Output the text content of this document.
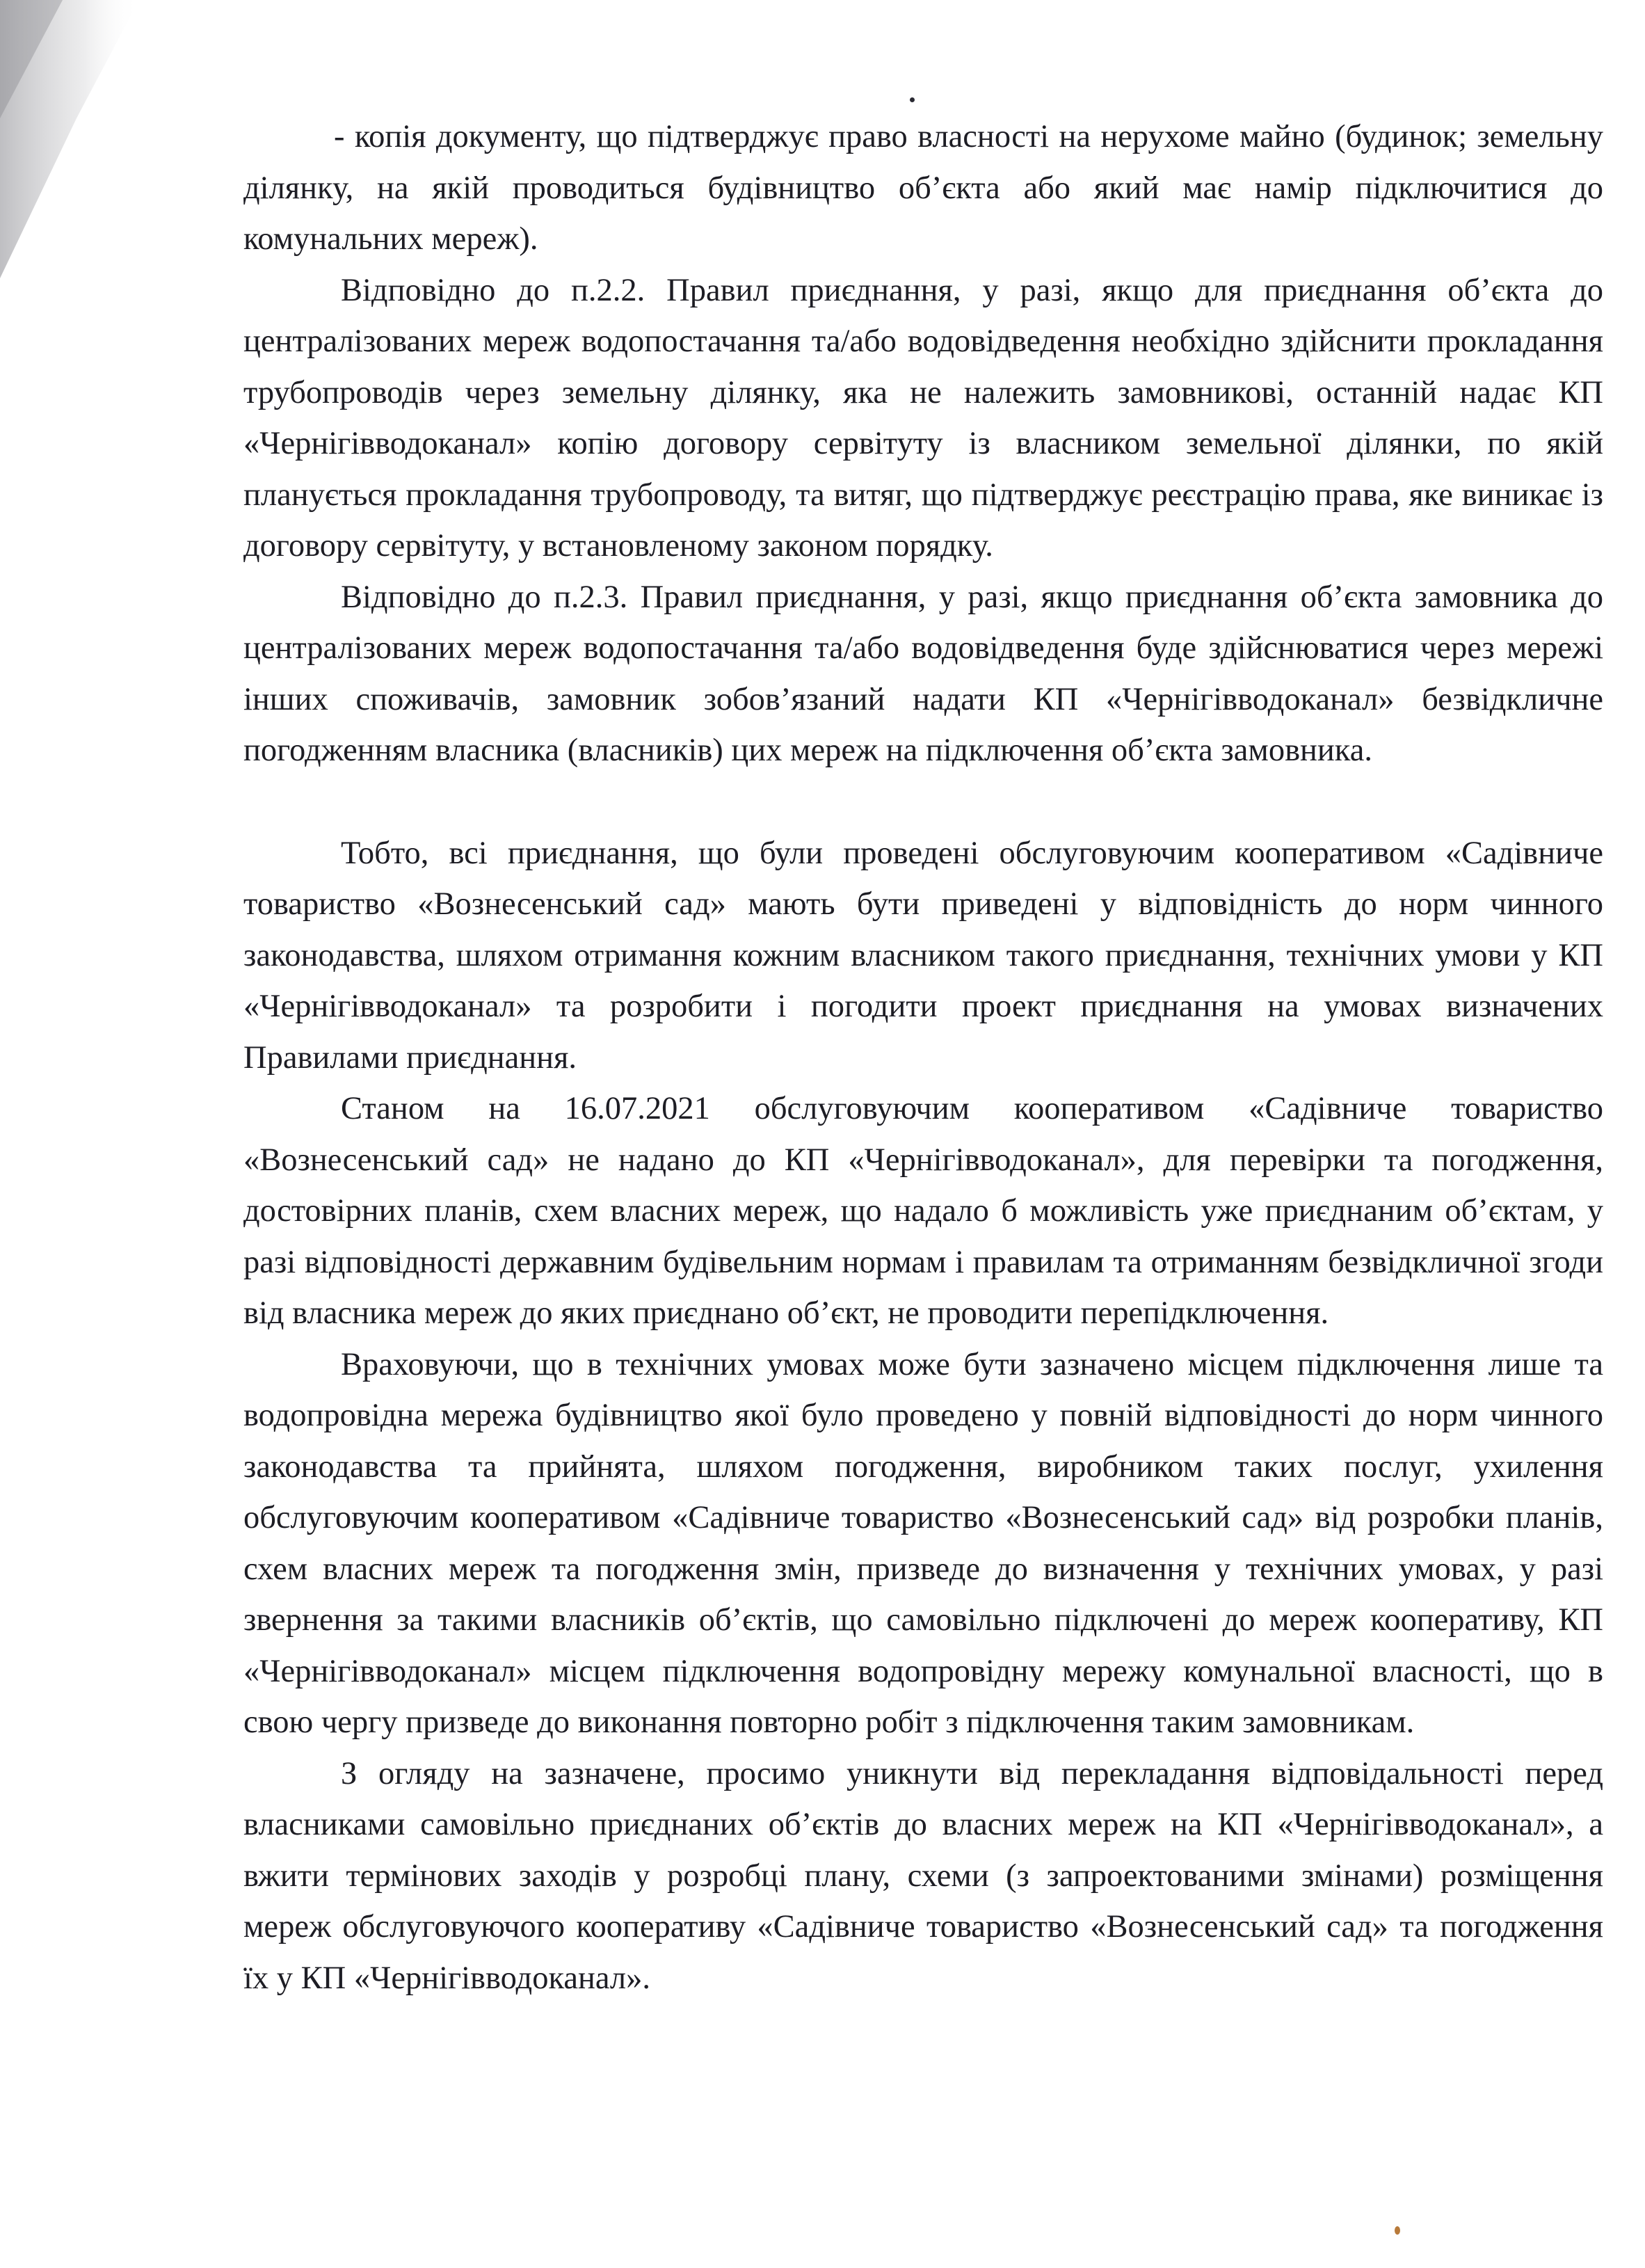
- копія документу, що підтверджує право власності на нерухоме майно (будинок; земельну ділянку, на якій проводиться будівництво об’єкта або який має намір підключитися до комунальних мереж).

Відповідно до п.2.2. Правил приєднання, у разі, якщо для приєднання об’єкта до централізованих мереж водопостачання та/або водовідведення необхідно здійснити прокладання трубопроводів через земельну ділянку, яка не належить замовникові, останній надає КП «Чернігівводоканал» копію договору сервітуту із власником земельної ділянки, по якій планується прокладання трубопроводу, та витяг, що підтверджує реєстрацію права, яке виникає із договору сервітуту, у встановленому законом порядку.

Відповідно до п.2.3. Правил приєднання, у разі, якщо приєднання об’єкта замовника до централізованих мереж водопостачання та/або водовідведення буде здійснюватися через мережі інших споживачів, замовник зобов’язаний надати КП «Чернігівводоканал» безвідкличне погодженням власника (власників) цих мереж на підключення об’єкта замовника.

Тобто, всі приєднання, що були проведені обслуговуючим кооперативом «Садівниче товариство «Вознесенський сад» мають бути приведені у відповідність до норм чинного законодавства, шляхом отримання кожним власником такого приєднання, технічних умови у КП «Чернігівводоканал» та розробити і погодити проект приєднання на умовах визначених Правилами приєднання.

Станом на 16.07.2021 обслуговуючим кооперативом «Садівниче товариство «Вознесенський сад» не надано до КП «Чернігівводоканал», для перевірки та погодження, достовірних планів, схем власних мереж, що надало б можливість уже приєднаним об’єктам, у разі відповідності державним будівельним нормам і правилам та отриманням безвідкличної згоди від власника мереж до яких приєднано об’єкт, не проводити перепідключення.

Враховуючи, що в технічних умовах може бути зазначено місцем підключення лише та водопровідна мережа будівництво якої було проведено у повній відповідності до норм чинного законодавства та прийнята, шляхом погодження, виробником таких послуг, ухилення обслуговуючим кооперативом «Садівниче товариство «Вознесенський сад» від розробки планів, схем власних мереж та погодження змін, призведе до визначення у технічних умовах, у разі звернення за такими власників об’єктів, що самовільно підключені до мереж кооперативу, КП «Чернігівводоканал» місцем підключення водопровідну мережу комунальної власності, що в свою чергу призведе до виконання повторно робіт з підключення таким замовникам.

З огляду на зазначене, просимо уникнути від перекладання відповідальності перед власниками самовільно приєднаних об’єктів до власних мереж на КП «Чернігівводоканал», а вжити термінових заходів у розробці плану, схеми (з запроектованими змінами) розміщення мереж обслуговуючого кооперативу «Садівниче товариство «Вознесенський сад» та погодження їх у КП «Чернігівводоканал».
